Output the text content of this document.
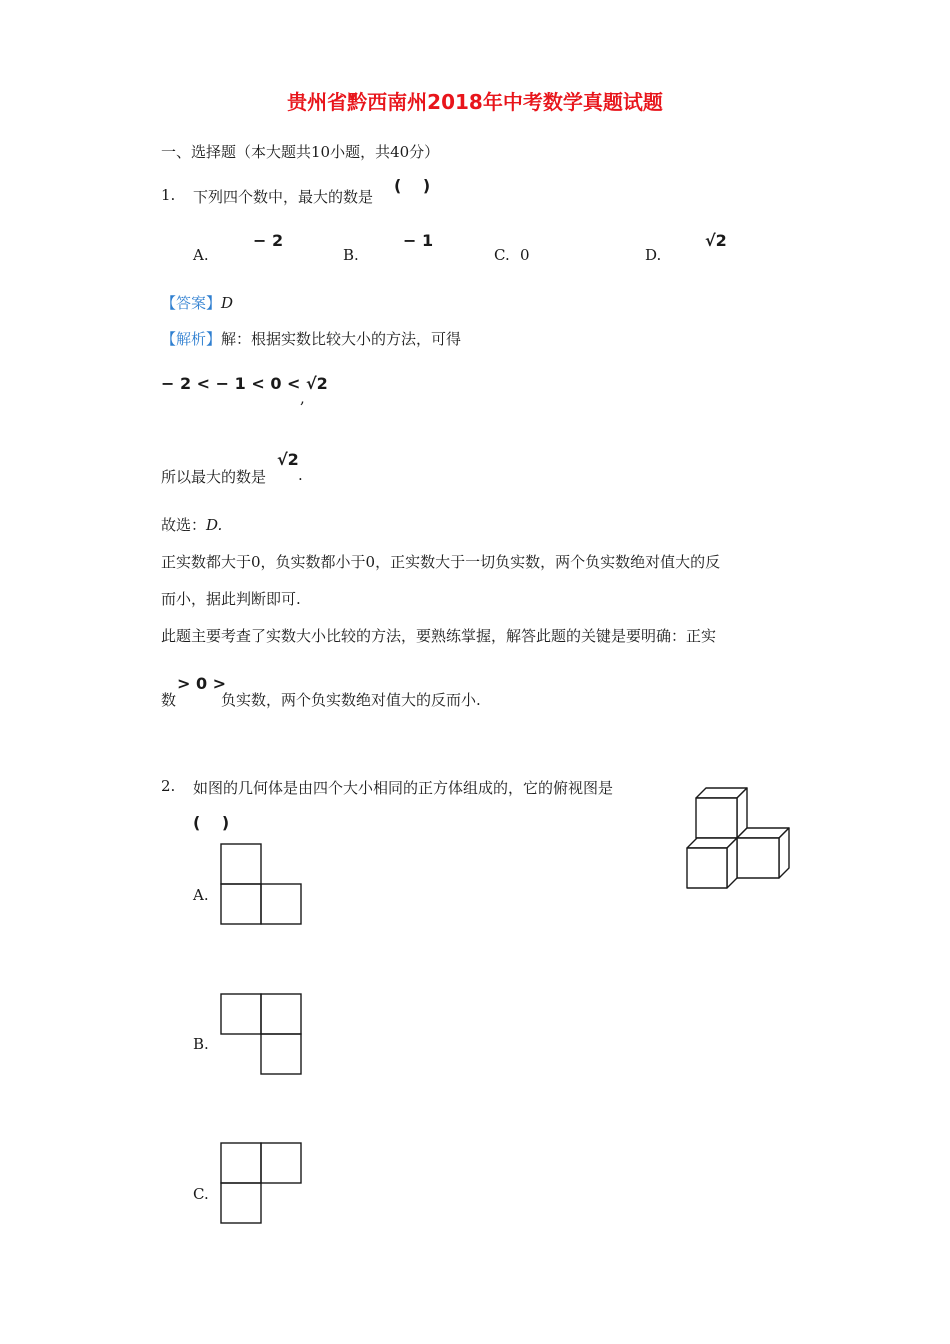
贵州省黔西南州2018年中考数学真题试题
一、选择题（本大题共10小题，共40分）
1. 下列四个数中，最大的数是
(　 )
A.
− 2
B.
− 1
C. 0	D.
√2
【答案】D
【解析】解：根据实数比较大小的方法，可得
− 2 < − 1 < 0 < √2
,
所以最大的数是
√2
.
故选：D.
正实数都大于0，负实数都小于0，正实数大于一切负实数，两个负实数绝对值大的反
而小，据此判断即可.
此题主要考查了实数大小比较的方法，要熟练掌握，解答此题的关键是要明确：正实
数
> 0 >
负实数，两个负实数绝对值大的反而小.
2. 如图的几何体是由四个大小相同的正方体组成的，它的俯视图是
(　 )
A.
B.
C.
